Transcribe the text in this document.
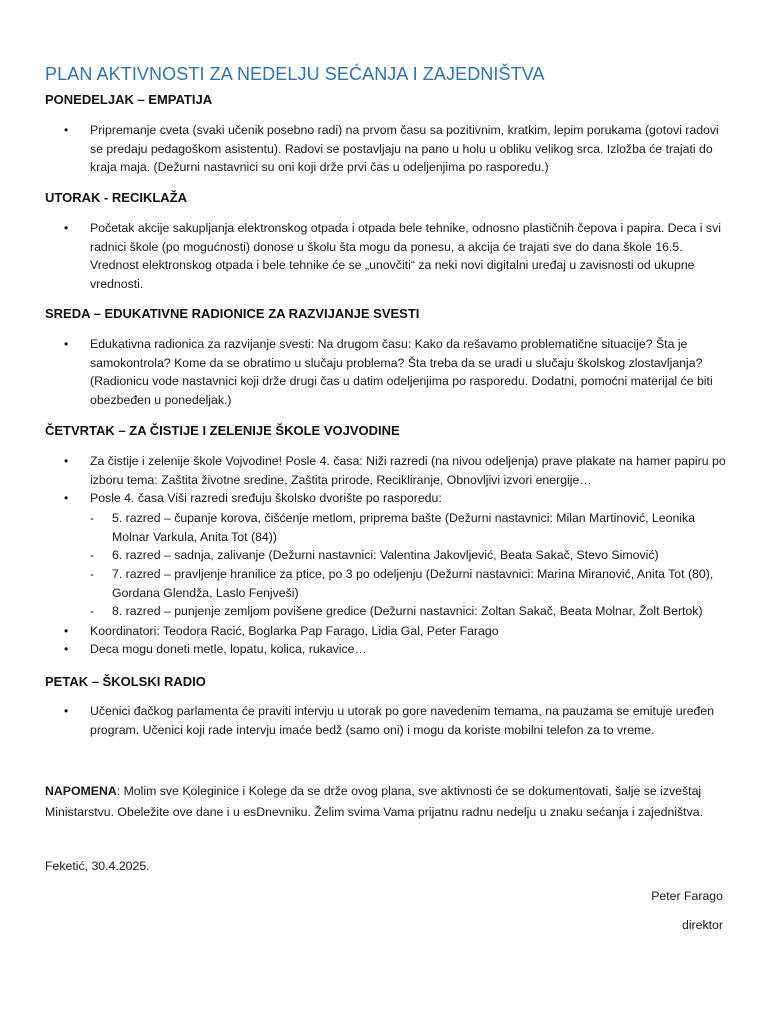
PLAN AKTIVNOSTI ZA NEDELJU SEĆANJA I ZAJEDNIŠTVA
PONEDELJAK – EMPATIJA
•	Pripremanje cveta (svaki učenik posebno radi) na prvom času sa pozitivnim, kratkim, lepim porukama (gotovi radovi se predaju pedagoškom asistentu). Radovi se postavljaju na pano u holu u obliku velikog srca. Izložba će trajati do kraja maja. (Dežurni nastavnici su oni koji drže prvi čas u odeljenjima po rasporedu.)

UTORAK - RECIKLAŽA
•	Početak akcije sakupljanja elektronskog otpada i otpada bele tehnike, odnosno plastičnih čepova i papira. Deca i svi radnici škole (po mogućnosti) donose u školu šta mogu da ponesu, a akcija će trajati sve do dana škole 16.5. Vrednost elektronskog otpada i bele tehnike će se „unovčiti“ za neki novi digitalni uređaj u zavisnosti od ukupne vrednosti.

SREDA – EDUKATIVNE RADIONICE ZA RAZVIJANJE SVESTI
•	Edukativna radionica za razvijanje svesti: Na drugom času: Kako da rešavamo problematične situacije? Šta je samokontrola? Kome da se obratimo u slučaju problema? Šta treba da se uradi u slučaju školskog zlostavljanja? (Radionicu vode nastavnici koji drže drugi čas u datim odeljenjima po rasporedu. Dodatni, pomoćni materijal će biti obezbeđen u ponedeljak.)

ČETVRTAK – ZA ČISTIJE I ZELENIJE ŠKOLE VOJVODINE
•	Za čistije i zelenije škole Vojvodine! Posle 4. časa: Niži razredi (na nivou odeljenja) prave plakate na hamer papiru po izboru tema: Zaštita životne sredine, Zaštita prirode, Recikliranje, Obnovljivi izvori energije…

•	Posle 4. časa Viši razredi sređuju školsko dvorište po rasporedu:

-	5. razred – čupanje korova, čišćenje metlom, priprema bašte (Dežurni nastavnici: Milan Martinović, Leonika Molnar Varkula, Anita Tot (84))

-	6. razred – sadnja, zalivanje (Dežurni nastavnici: Valentina Jakovljević, Beata Sakač, Stevo Simović)

-	7. razred – pravljenje hranilice za ptice, po 3 po odeljenju (Dežurni nastavnici: Marina Miranović, Anita Tot (80), Gordana Glendža, Laslo Fenjveši)

-	8. razred – punjenje zemljom povišene gredice (Dežurni nastavnici: Zoltan Sakač, Beata Molnar, Žolt Bertok)

•	Koordinatori: Teodora Racić, Boglarka Pap Farago, Lidia Gal, Peter Farago

•	Deca mogu doneti metle, lopatu, kolica, rukavice…

PETAK – ŠKOLSKI RADIO
•	Učenici đačkog parlamenta će praviti intervju u utorak po gore navedenim temama, na pauzama se emituje uređen program. Učenici koji rade intervju imaće bedž (samo oni) i mogu da koriste mobilni telefon za to vreme.

NAPOMENA: Molim sve Koleginice i Kolege da se drže ovog plana, sve aktivnosti će se dokumentovati, šalje se izveštaj Ministarstvu. Obeležite ove dane i u esDnevniku. Želim svima Vama prijatnu radnu nedelju u znaku sećanja i zajedništva.

Feketić, 30.4.2025.

Peter Farago

direktor
